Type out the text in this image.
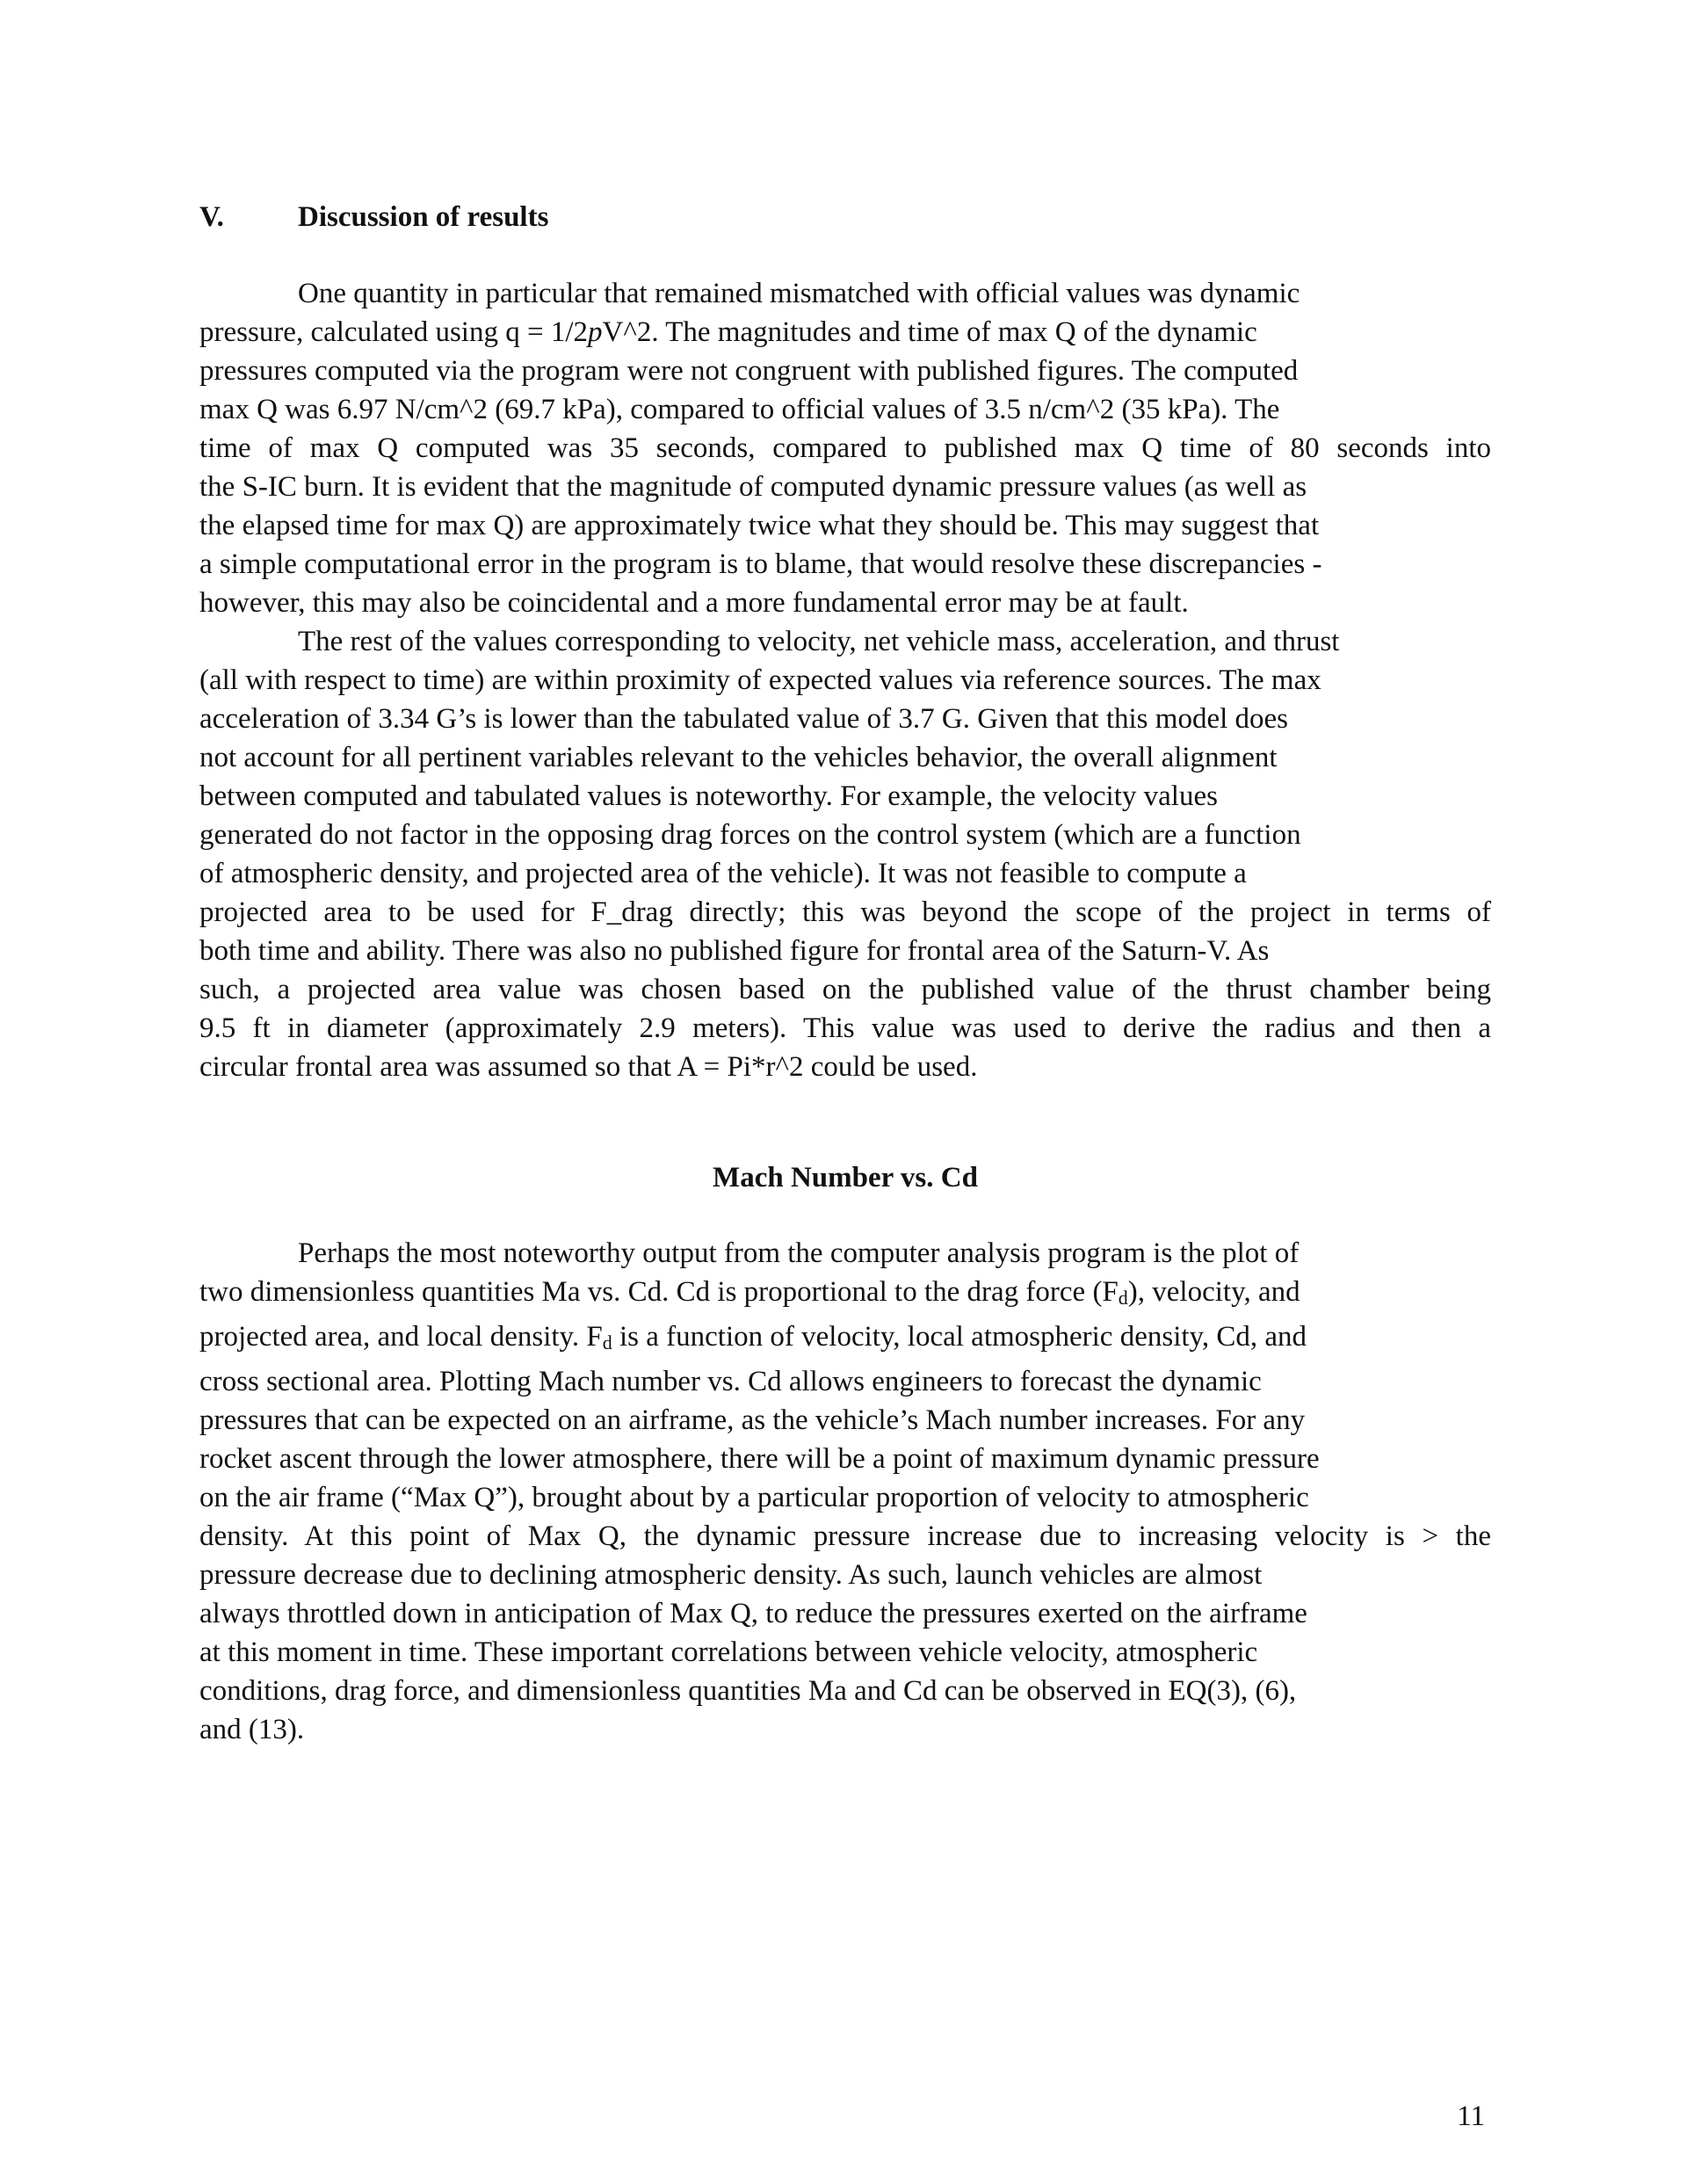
V.	Discussion of results
One quantity in particular that remained mismatched with official values was dynamic
pressure, calculated using q = 1/2pV^2. The magnitudes and time of max Q of the dynamic
pressures computed via the program were not congruent with published figures. The computed
max Q was 6.97 N/cm^2 (69.7 kPa), compared to official values of 3.5 n/cm^2 (35 kPa). The
time of max Q computed was 35 seconds, compared to published max Q time of 80 seconds into
the S-IC burn. It is evident that the magnitude of computed dynamic pressure values (as well as
the elapsed time for max Q) are approximately twice what they should be. This may suggest that
a simple computational error in the program is to blame, that would resolve these discrepancies -
however, this may also be coincidental and a more fundamental error may be at fault.
The rest of the values corresponding to velocity, net vehicle mass, acceleration, and thrust
(all with respect to time) are within proximity of expected values via reference sources. The max
acceleration of 3.34 G’s is lower than the tabulated value of 3.7 G. Given that this model does
not account for all pertinent variables relevant to the vehicles behavior, the overall alignment
between computed and tabulated values is noteworthy. For example, the velocity values
generated do not factor in the opposing drag forces on the control system (which are a function
of atmospheric density, and projected area of the vehicle). It was not feasible to compute a
projected area to be used for F_drag directly; this was beyond the scope of the project in terms of
both time and ability. There was also no published figure for frontal area of the Saturn-V. As
such, a projected area value was chosen based on the published value of the thrust chamber being
9.5 ft in diameter (approximately 2.9 meters). This value was used to derive the radius and then a
circular frontal area was assumed so that A = Pi*r^2 could be used.
Mach Number vs. Cd
Perhaps the most noteworthy output from the computer analysis program is the plot of
two dimensionless quantities Ma vs. Cd. Cd is proportional to the drag force (Fd), velocity, and
projected area, and local density. Fd is a function of velocity, local atmospheric density, Cd, and
cross sectional area. Plotting Mach number vs. Cd allows engineers to forecast the dynamic
pressures that can be expected on an airframe, as the vehicle’s Mach number increases. For any
rocket ascent through the lower atmosphere, there will be a point of maximum dynamic pressure
on the air frame (“Max Q”), brought about by a particular proportion of velocity to atmospheric
density. At this point of Max Q, the dynamic pressure increase due to increasing velocity is > the
pressure decrease due to declining atmospheric density. As such, launch vehicles are almost
always throttled down in anticipation of Max Q, to reduce the pressures exerted on the airframe
at this moment in time. These important correlations between vehicle velocity, atmospheric
conditions, drag force, and dimensionless quantities Ma and Cd can be observed in EQ(3), (6),
and (13).
11
